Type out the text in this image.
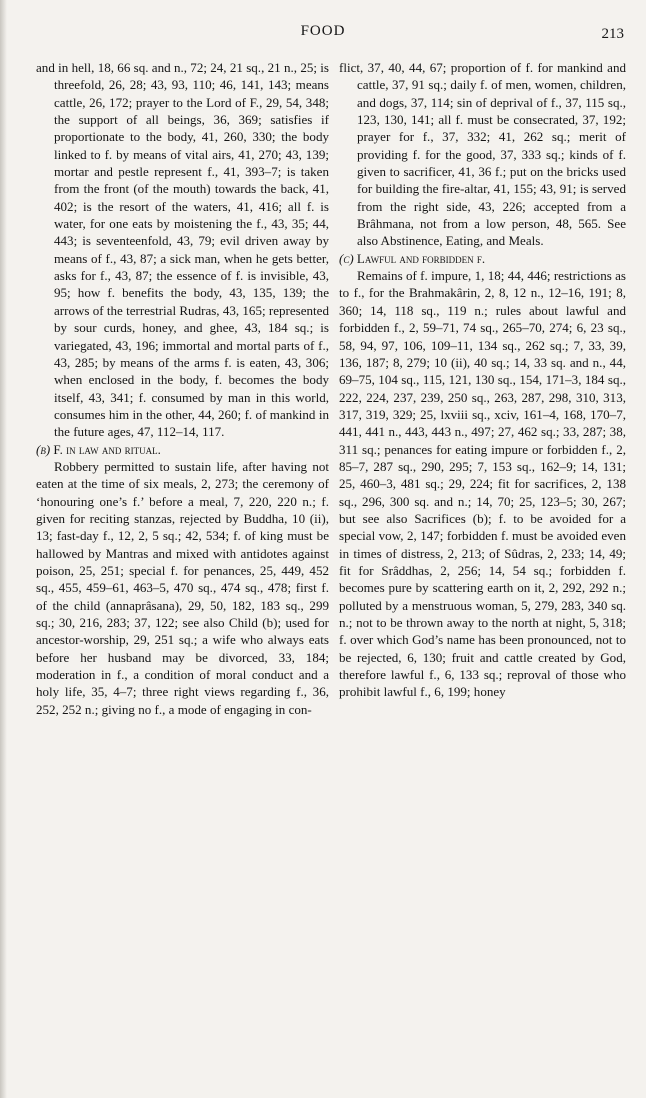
FOOD	213

and in hell, 18, 66 sq. and n., 72; 24, 21 sq., 21 n., 25; is threefold, 26, 28; 43, 93, 110; 46, 141, 143; means cattle, 26, 172; prayer to the Lord of F., 29, 54, 348; the support of all beings, 36, 369; satisfies if proportionate to the body, 41, 260, 330; the body linked to f. by means of vital airs, 41, 270; 43, 139; mortar and pestle represent f., 41, 393–7; is taken from the front (of the mouth) towards the back, 41, 402; is the resort of the waters, 41, 416; all f. is water, for one eats by moistening the f., 43, 35; 44, 443; is seventeenfold, 43, 79; evil driven away by means of f., 43, 87; a sick man, when he gets better, asks for f., 43, 87; the essence of f. is invisible, 43, 95; how f. benefits the body, 43, 135, 139; the arrows of the terrestrial Rudras, 43, 165; represented by sour curds, honey, and ghee, 43, 184 sq.; is variegated, 43, 196; immortal and mortal parts of f., 43, 285; by means of the arms f. is eaten, 43, 306; when enclosed in the body, f. becomes the body itself, 43, 341; f. consumed by man in this world, consumes him in the other, 44, 260; f. of mankind in the future ages, 47, 112–14, 117.

(b) F. in law and ritual.

Robbery permitted to sustain life, after having not eaten at the time of six meals, 2, 273; the ceremony of ‘honouring one’s f.’ before a meal, 7, 220, 220 n.; f. given for reciting stanzas, rejected by Buddha, 10 (ii), 13; fast-day f., 12, 2, 5 sq.; 42, 534; f. of king must be hallowed by Mantras and mixed with antidotes against poison, 25, 251; special f. for penances, 25, 449, 452 sq., 455, 459–61, 463–5, 470 sq., 474 sq., 478; first f. of the child (annaprâsana), 29, 50, 182, 183 sq., 299 sq.; 30, 216, 283; 37, 122; see also Child (b); used for ancestor-worship, 29, 251 sq.; a wife who always eats before her husband may be divorced, 33, 184; moderation in f., a condition of moral conduct and a holy life, 35, 4–7; three right views regarding f., 36, 252, 252 n.; giving no f., a mode of engaging in con-

flict, 37, 40, 44, 67; proportion of f. for mankind and cattle, 37, 91 sq.; daily f. of men, women, children, and dogs, 37, 114; sin of deprival of f., 37, 115 sq., 123, 130, 141; all f. must be consecrated, 37, 192; prayer for f., 37, 332; 41, 262 sq.; merit of providing f. for the good, 37, 333 sq.; kinds of f. given to sacrificer, 41, 36 f.; put on the bricks used for building the fire-altar, 41, 155; 43, 91; is served from the right side, 43, 226; accepted from a Brâhmana, not from a low person, 48, 565. See also Abstinence, Eating, and Meals.

(c) Lawful and forbidden f.

Remains of f. impure, 1, 18; 44, 446; restrictions as to f., for the Brahmakârin, 2, 8, 12 n., 12–16, 191; 8, 360; 14, 118 sq., 119 n.; rules about lawful and forbidden f., 2, 59–71, 74 sq., 265–70, 274; 6, 23 sq., 58, 94, 97, 106, 109–11, 134 sq., 262 sq.; 7, 33, 39, 136, 187; 8, 279; 10 (ii), 40 sq.; 14, 33 sq. and n., 44, 69–75, 104 sq., 115, 121, 130 sq., 154, 171–3, 184 sq., 222, 224, 237, 239, 250 sq., 263, 287, 298, 310, 313, 317, 319, 329; 25, lxviii sq., xciv, 161–4, 168, 170–7, 441, 441 n., 443, 443 n., 497; 27, 462 sq.; 33, 287; 38, 311 sq.; penances for eating impure or forbidden f., 2, 85–7, 287 sq., 290, 295; 7, 153 sq., 162–9; 14, 131; 25, 460–3, 481 sq.; 29, 224; fit for sacrifices, 2, 138 sq., 296, 300 sq. and n.; 14, 70; 25, 123–5; 30, 267; but see also Sacrifices (b); f. to be avoided for a special vow, 2, 147; forbidden f. must be avoided even in times of distress, 2, 213; of Sûdras, 2, 233; 14, 49; fit for Srâddhas, 2, 256; 14, 54 sq.; forbidden f. becomes pure by scattering earth on it, 2, 292, 292 n.; polluted by a menstruous woman, 5, 279, 283, 340 sq. n.; not to be thrown away to the north at night, 5, 318; f. over which God’s name has been pronounced, not to be rejected, 6, 130; fruit and cattle created by God, therefore lawful f., 6, 133 sq.; reproval of those who prohibit lawful f., 6, 199; honey
